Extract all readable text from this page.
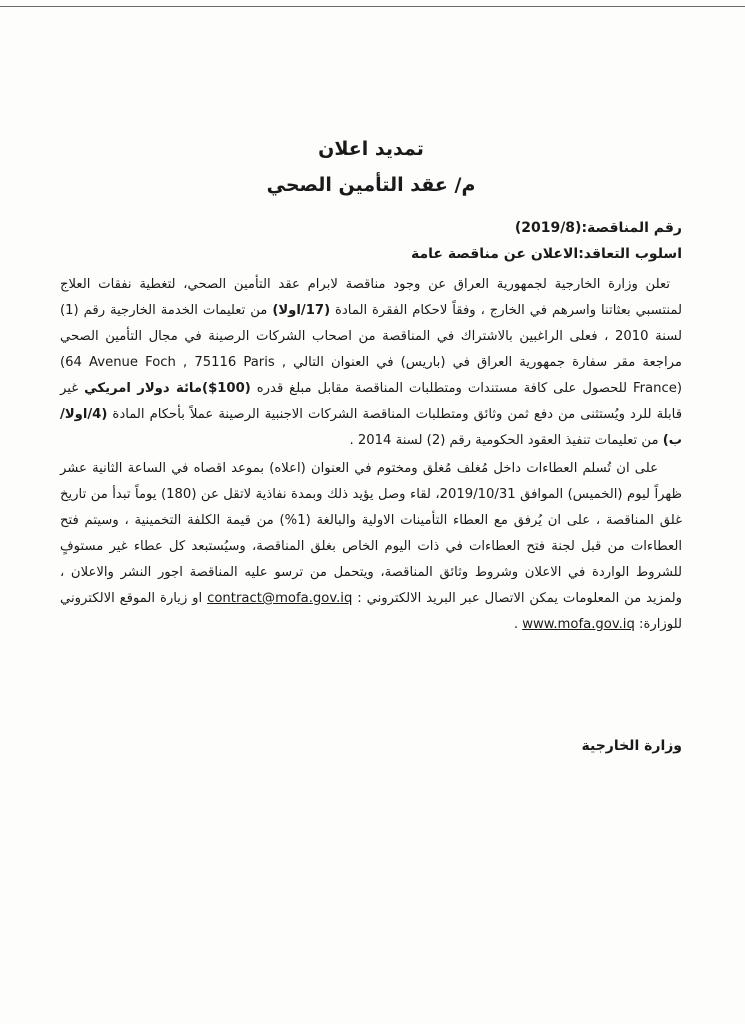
تمديد اعلان
م/ عقد التأمين الصحي
رقم المناقصة:(2019/8)
اسلوب التعاقد:الاعلان عن مناقصة عامة

تعلن وزارة الخارجية لجمهورية العراق عن وجود مناقصة لابرام عقد التأمين الصحي، لتغطية نفقات العلاج لمنتسبي بعثاتنا واسرهم في الخارج ، وفقاً لاحكام الفقرة المادة (17/اولا) من تعليمات الخدمة الخارجية رقم (1) لسنة 2010 ، فعلى الراغبين بالاشتراك في المناقصة من اصحاب الشركات الرصينة في مجال التأمين الصحي مراجعة مقر سفارة جمهورية العراق في (باريس) في العنوان التالي (64 Avenue Foch , 75116 Paris , France) للحصول على كافة مستندات ومتطلبات المناقصة مقابل مبلغ قدره (100$)مائة دولار امريكي غير قابلة للرد ويُستثنى من دفع ثمن وثائق ومتطلبات المناقصة الشركات الاجنبية الرصينة عملاً بأحكام المادة (4/اولا/ب) من تعليمات تنفيذ العقود الحكومية رقم (2) لسنة 2014 .

على ان تُسلم العطاءات داخل مُغلف مُغلق ومختوم في العنوان (اعلاه) بموعد اقصاه في الساعة الثانية عشر ظهراً ليوم (الخميس) الموافق 2019/10/31، لقاء وصل يؤيد ذلك وبمدة نفاذية لاتقل عن (180) يوماً تبدأ من تاريخ غلق المناقصة ، على ان يُرفق مع العطاء التأمينات الاولية والبالغة (1%) من قيمة الكلفة التخمينية ، وسيتم فتح العطاءات من قبل لجنة فتح العطاءات في ذات اليوم الخاص بغلق المناقصة، وسيُستبعد كل عطاء غير مستوفٍ للشروط الواردة في الاعلان وشروط وثائق المناقصة، ويتحمل من ترسو عليه المناقصة اجور النشر والاعلان ، ولمزيد من المعلومات يمكن الاتصال عبر البريد الالكتروني : contract@mofa.gov.iq او زيارة الموقع الالكتروني للوزارة: www.mofa.gov.iq .

وزارة الخارجية
